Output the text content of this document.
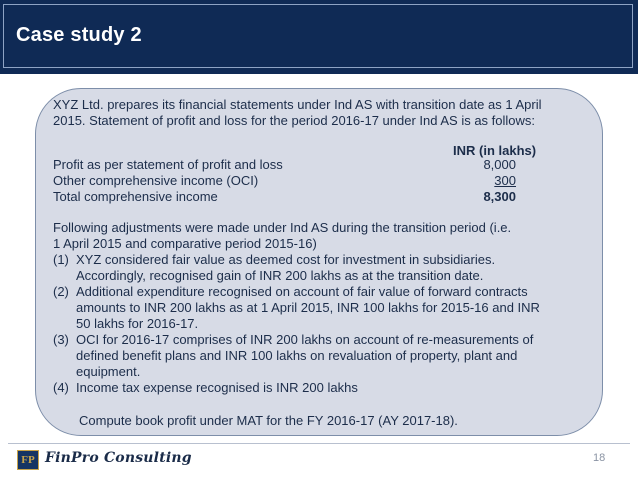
Case study 2
XYZ Ltd. prepares its financial statements under Ind AS with transition date as 1 April
2015. Statement of profit and loss for the period 2016-17 under Ind AS is as follows:
INR (in lakhs)
Profit as per statement of profit and loss	8,000
Other comprehensive income (OCI)	300
Total comprehensive income	8,300
Following adjustments were made under Ind AS during the transition period (i.e.
1 April 2015 and comparative period 2015-16)
(1) XYZ considered fair value as deemed cost for investment in subsidiaries.
Accordingly, recognised gain of INR 200 lakhs as at the transition date.
(2) Additional expenditure recognised on account of fair value of forward contracts
amounts to INR 200 lakhs as at 1 April 2015, INR 100 lakhs for 2015-16 and INR
50 lakhs for 2016-17.
(3) OCI for 2016-17 comprises of INR 200 lakhs on account of re-measurements of
defined benefit plans and INR 100 lakhs on revaluation of property, plant and
equipment.
(4) Income tax expense recognised is INR 200 lakhs
Compute book profit under MAT for the FY 2016-17 (AY 2017-18).
FP FinPro Consulting	18
